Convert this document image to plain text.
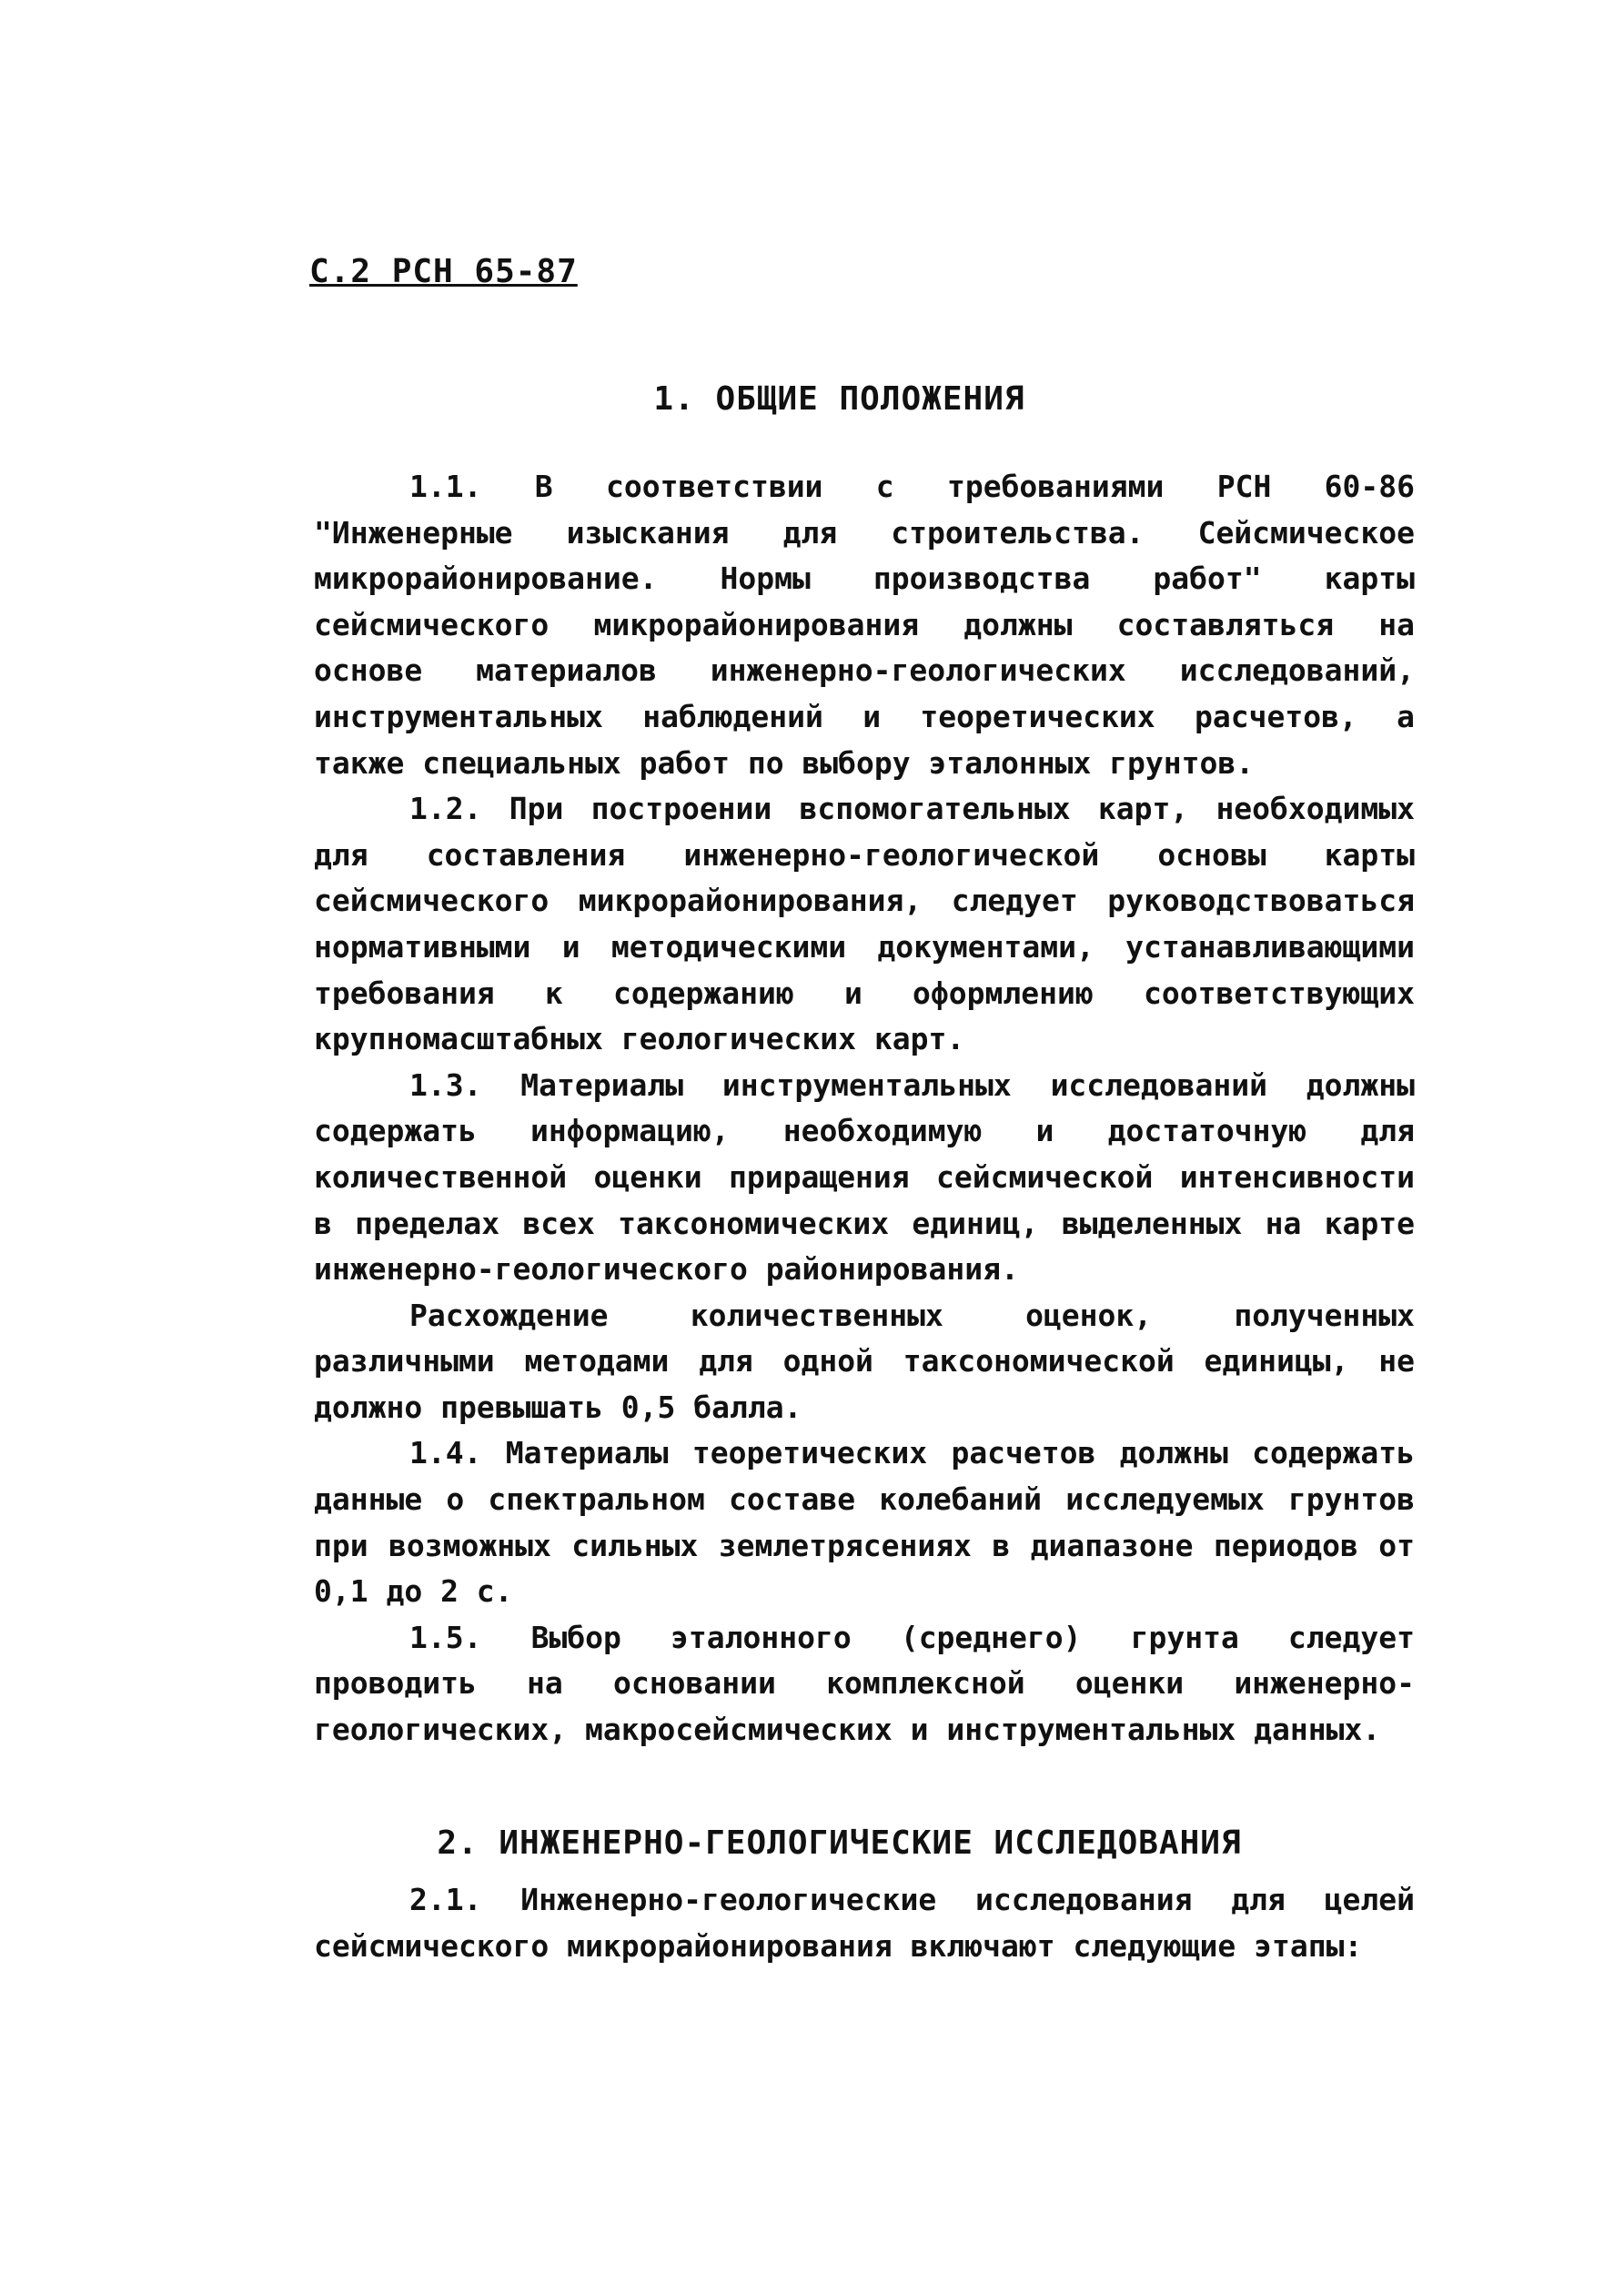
С.2 РСН 65-87
1. ОБЩИЕ ПОЛОЖЕНИЯ

1.1. В соответствии с требованиями РСН 60-86 "Инженерные изыскания для строительства. Сейсмическое микрорайонирование. Нормы производства работ" карты сейсмического микрорайонирования должны составляться на основе материалов инженерно-геологических исследований, инструментальных наблюдений и теоретических расчетов, а также специальных работ по выбору эталонных грунтов.

1.2. При построении вспомогательных карт, необходимых для составления инженерно-геологической основы карты сейсмического микрорайонирования, следует руководствоваться нормативными и методическими документами, устанавливающими требования к содержанию и оформлению соответствующих крупномасштабных геологических карт.

1.3. Материалы инструментальных исследований должны содержать информацию, необходимую и достаточную для количественной оценки приращения сейсмической интенсивности в пределах всех таксономических единиц, выделенных на карте инженерно-геологического районирования.

Расхождение количественных оценок, полученных различными методами для одной таксономической единицы, не должно превышать 0,5 балла.

1.4. Материалы теоретических расчетов должны содержать данные о спектральном составе колебаний исследуемых грунтов при возможных сильных землетрясениях в диапазоне периодов от 0,1 до 2 с.

1.5. Выбор эталонного (среднего) грунта следует проводить на основании комплексной оценки инженерно-геологических, макросейсмических и инструментальных данных.

2. ИНЖЕНЕРНО-ГЕОЛОГИЧЕСКИЕ ИССЛЕДОВАНИЯ

2.1. Инженерно-геологические исследования для целей сейсмического микрорайонирования включают следующие этапы:
